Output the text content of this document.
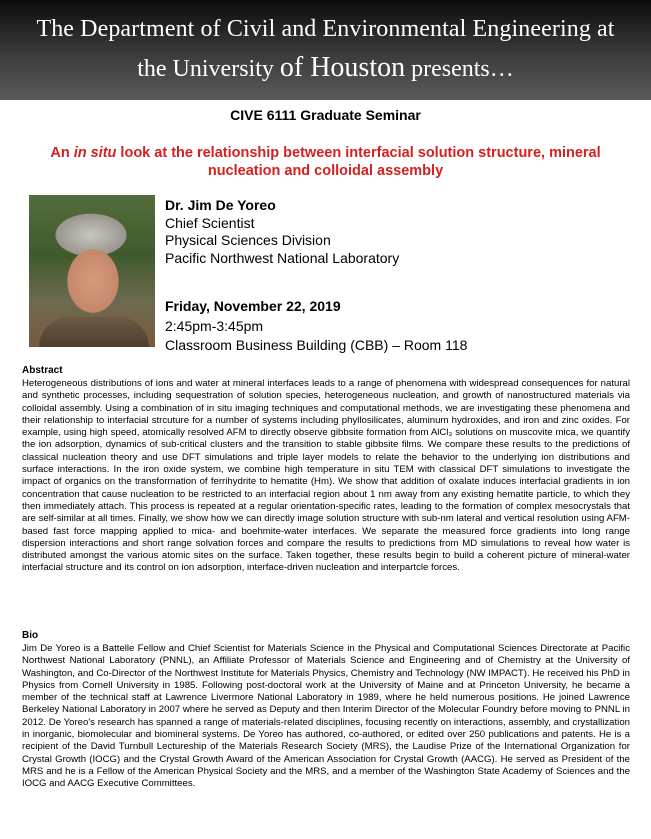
The Department of Civil and Environmental Engineering at
the University of Houston presents…
CIVE 6111 Graduate Seminar
An in situ look at the relationship between interfacial solution structure, mineral nucleation and colloidal assembly
Dr. Jim De Yoreo
Chief Scientist
Physical Sciences Division
Pacific Northwest National Laboratory
Friday, November 22, 2019
2:45pm-3:45pm
Classroom Business Building (CBB) – Room 118
Abstract
Heterogeneous distributions of ions and water at mineral interfaces leads to a range of phenomena with widespread consequences for natural and synthetic processes, including sequestration of solution species, heterogeneous nucleation, and growth of nanostructured materials via colloidal assembly. Using a combination of in situ imaging techniques and computational methods, we are investigating these phenomena and their relationship to interfacial strcuture for a number of systems including phyllosilicates, aluminum hydroxides, and iron and zinc oxides. For example, using high speed, atomically resolved AFM to directly observe gibbsite formation from AlCl₃ solutions on muscovite mica, we quantify the ion adsorption, dynamics of sub-critical clusters and the transition to stable gibbsite films. We compare these results to the predictions of classical nucleation theory and use DFT simulations and triple layer models to relate the behavior to the underlying ion distributions and surface interactions. In the iron oxide system, we combine high temperature in situ TEM with classical DFT simulations to investigate the impact of organics on the transformation of ferrihydrite to hematite (Hm). We show that addition of oxalate induces interfacial gradients in ion concentration that cause nucleation to be restricted to an interfacial region about 1 nm away from any existing hematite particle, to which they then immediately attach. This process is repeated at a regular orientation-specific rates, leading to the formation of complex mesocrystals that are self-similar at all times. Finally, we show how we can directly image solution structure with sub-nm lateral and vertical resolution using AFM-based fast force mapping applied to mica- and boehmite-water interfaces. We separate the measured force gradients into long range dispersion interactions and short range solvation forces and compare the results to predictions from MD simulations to reveal how water is distributed amongst the various atomic sites on the surface. Taken together, these results begin to build a coherent picture of mineral-water interfacial structure and its control on ion adsorption, interface-driven nucleation and interpartcle forces.
Bio
Jim De Yoreo is a Battelle Fellow and Chief Scientist for Materials Science in the Physical and Computational Sciences Directorate at Pacific Northwest National Laboratory (PNNL), an Affiliate Professor of Materials Science and Engineering and of Chemistry at the University of Washington, and Co-Director of the Northwest Institute for Materials Physics, Chemistry and Technology (NW IMPACT). He received his PhD in Physics from Cornell University in 1985. Following post-doctoral work at the University of Maine and at Princeton University, he became a member of the technical staff at Lawrence Livermore National Laboratory in 1989, where he held numerous positions. He joined Lawrence Berkeley National Laboratory in 2007 where he served as Deputy and then Interim Director of the Molecular Foundry before moving to PNNL in 2012. De Yoreo's research has spanned a range of materials-related disciplines, focusing recently on interactions, assembly, and crystallization in inorganic, biomolecular and biomineral systems. De Yoreo has authored, co-authored, or edited over 250 publications and patents. He is a recipient of the David Turnbull Lectureship of the Materials Research Society (MRS), the Laudise Prize of the International Organization for Crystal Growth (IOCG) and the Crystal Growth Award of the American Association for Crystal Growth (AACG). He served as President of the MRS and he is a Fellow of the American Physical Society and the MRS, and a member of the Washington State Academy of Sciences and the IOCG and AACG Executive Committees.
